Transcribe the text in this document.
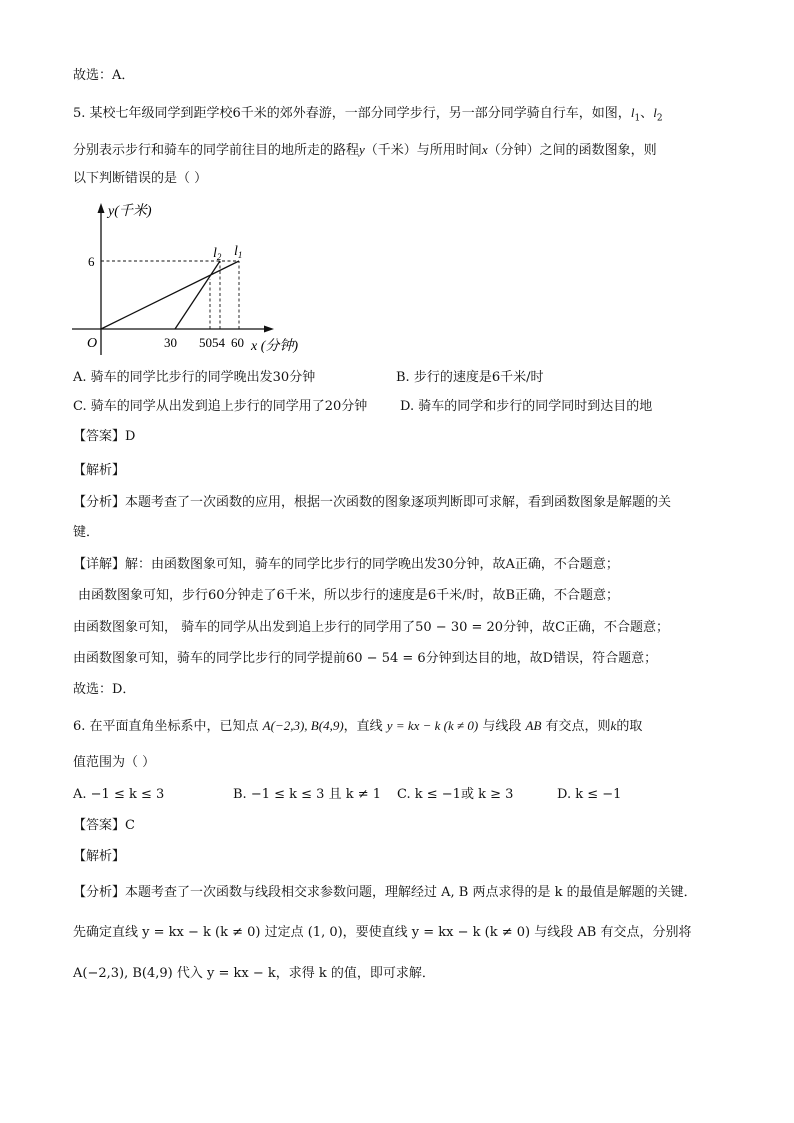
故选：A．
5. 某校七年级同学到距学校6千米的郊外春游，一部分同学步行，另一部分同学骑自行车，如图，$l_1$、$l_2$
分别表示步行和骑车的同学前往目的地所走的路程y（千米）与所用时间x（分钟）之间的函数图象，则
以下判断错误的是（ ）
y(千米)
6
O	30 5054 60 x (分钟)
$l_2$ $l_1$
A. 骑车的同学比步行的同学晚出发30分钟	B. 步行的速度是6千米/时
C. 骑车的同学从出发到追上步行的同学用了20分钟	D. 骑车的同学和步行的同学同时到达目的地
【答案】D
【解析】
【分析】本题考查了一次函数的应用，根据一次函数的图象逐项判断即可求解，看到函数图象是解题的关
键．
【详解】解：由函数图象可知，骑车的同学比步行的同学晚出发30分钟，故A正确，不合题意；
由函数图象可知，步行60分钟走了6千米，所以步行的速度是6千米/时，故B正确，不合题意；
由函数图象可知， 骑车的同学从出发到追上步行的同学用了50 − 30 = 20分钟，故C正确，不合题意；
由函数图象可知，骑车的同学比步行的同学提前60 − 54 = 6分钟到达目的地，故D错误，符合题意；
故选：D．
6. 在平面直角坐标系中，已知点 A(−2,3), B(4,9)，直线 y = kx − k (k ≠ 0) 与线段 AB 有交点，则k的取
值范围为（ ）
A. −1 ≤ k ≤ 3	B. −1 ≤ k ≤ 3 且 k ≠ 1 C. k ≤ −1或 k ≥ 3	D. k ≤ −1
【答案】C
【解析】
【分析】本题考查了一次函数与线段相交求参数问题，理解经过 A, B 两点求得的是 k 的最值是解题的关键．
先确定直线 y = kx − k (k ≠ 0) 过定点 (1, 0)，要使直线 y = kx − k (k ≠ 0) 与线段 AB 有交点，分别将
A(−2,3), B(4,9) 代入 y = kx − k，求得 k 的值，即可求解．
